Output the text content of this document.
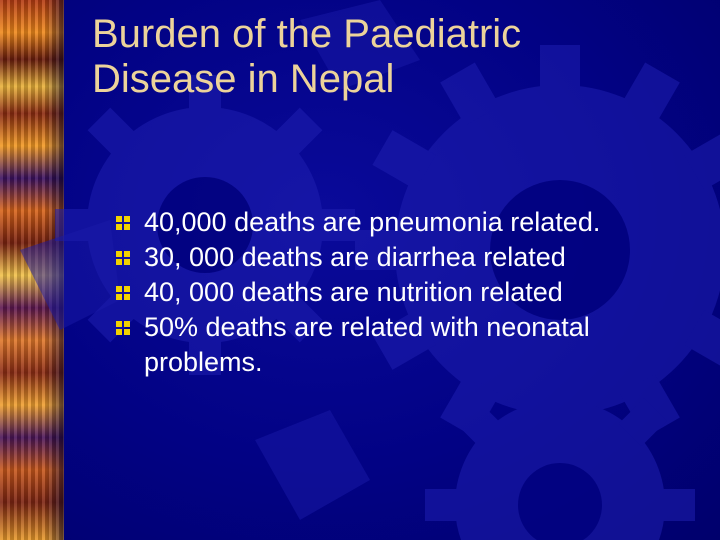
Burden of the Paediatric
Disease in Nepal
40,000 deaths are pneumonia related.
30, 000 deaths are diarrhea related
40, 000 deaths are nutrition related
50% deaths are related with neonatal problems.
